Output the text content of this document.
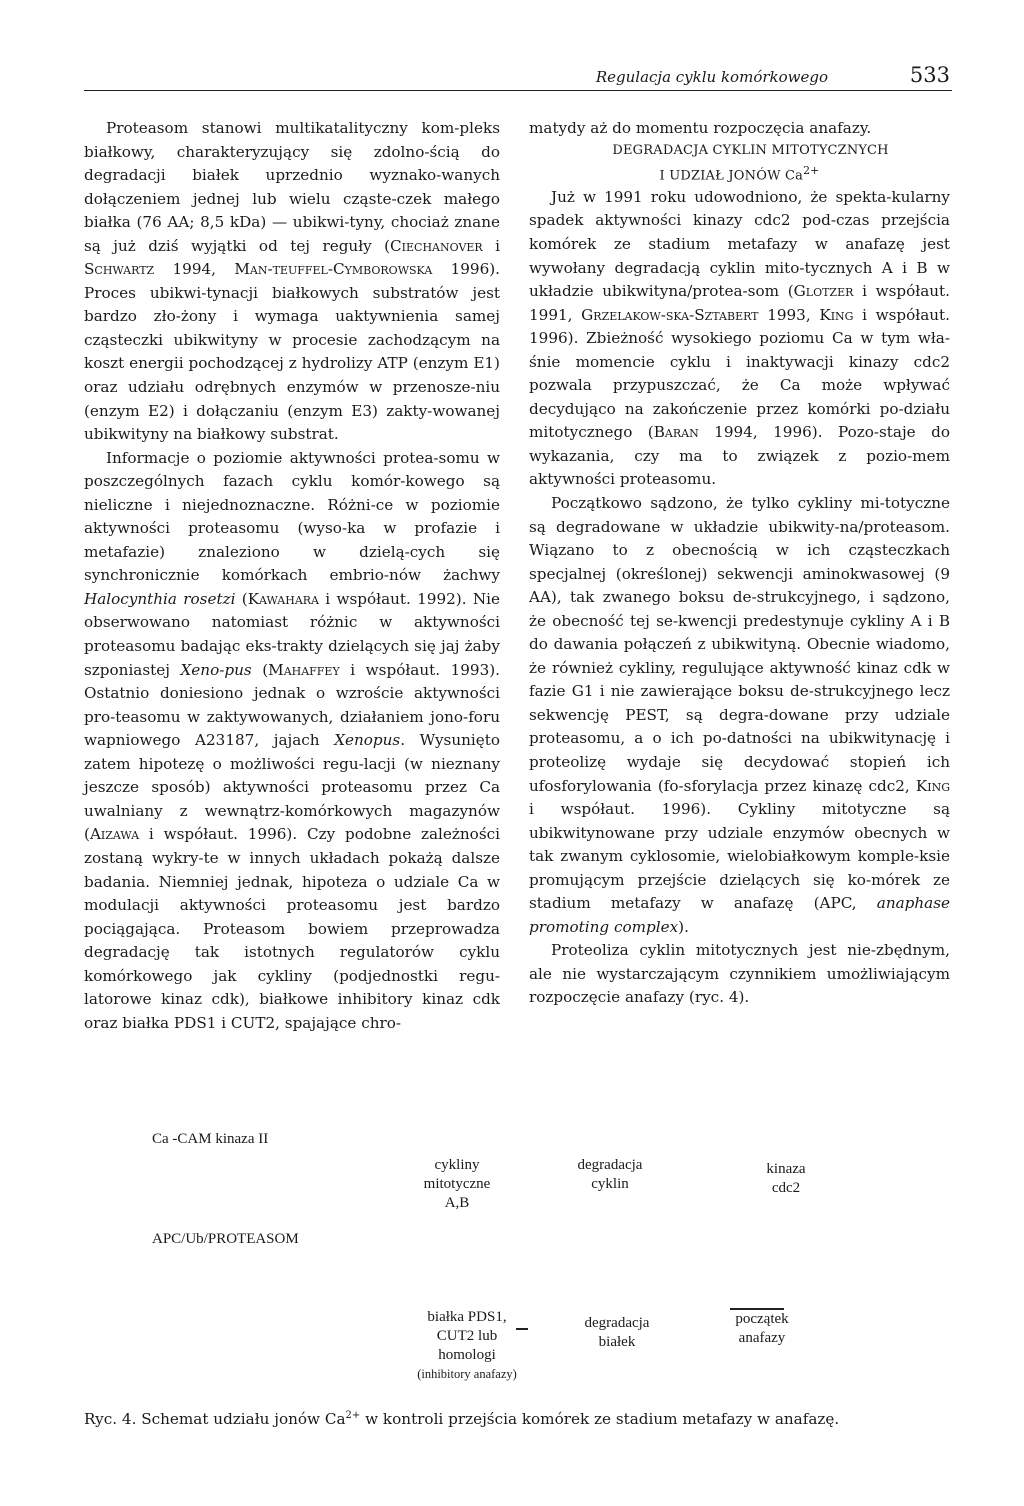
Regulacja cyklu komórkowego	533

Proteasom stanowi multikatalityczny kom-pleks białkowy, charakteryzujący się zdolno-ścią do degradacji białek uprzednio wyznako-wanych dołączeniem jednej lub wielu cząste-czek małego białka (76 AA; 8,5 kDa) — ubikwi-tyny, chociaż znane są już dziś wyjątki od tej reguły (Ciechanover i Schwartz 1994, Man-teuffel-Cymborowska 1996). Proces ubikwi-tynacji białkowych substratów jest bardzo zło-żony i wymaga uaktywnienia samej cząsteczki ubikwityny w procesie zachodzącym na koszt energii pochodzącej z hydrolizy ATP (enzym E1) oraz udziału odrębnych enzymów w przenosze-niu (enzym E2) i dołączaniu (enzym E3) zakty-wowanej ubikwityny na białkowy substrat.

Informacje o poziomie aktywności protea-somu w poszczególnych fazach cyklu komór-kowego są nieliczne i niejednoznaczne. Różni-ce w poziomie aktywności proteasomu (wyso-ka w profazie i metafazie) znaleziono w dzielą-cych się synchronicznie komórkach embrio-nów żachwy Halocynthia rosetzi (Kawahara i współaut. 1992). Nie obserwowano natomiast różnic w aktywności proteasomu badając eks-trakty dzielących się jaj żaby szponiastej Xeno-pus (Mahaffey i współaut. 1993). Ostatnio doniesiono jednak o wzroście aktywności pro-teasomu w zaktywowanych, działaniem jono-foru wapniowego A23187, jajach Xenopus. Wysunięto zatem hipotezę o możliwości regu-lacji (w nieznany jeszcze sposób) aktywności proteasomu przez Ca uwalniany z wewnątrz-komórkowych magazynów (Aizawa i współaut. 1996). Czy podobne zależności zostaną wykry-te w innych układach pokażą dalsze badania. Niemniej jednak, hipoteza o udziale Ca w modulacji aktywności proteasomu jest bardzo pociągająca. Proteasom bowiem przeprowadza degradację tak istotnych regulatorów cyklu komórkowego jak cykliny (podjednostki regu-latorowe kinaz cdk), białkowe inhibitory kinaz cdk oraz białka PDS1 i CUT2, spajające chro-

matydy aż do momentu rozpoczęcia anafazy.

DEGRADACJA CYKLIN MITOTYCZNYCH
I UDZIAŁ JONÓW $Ca^{2+}$

Już w 1991 roku udowodniono, że spekta-kularny spadek aktywności kinazy cdc2 pod-czas przejścia komórek ze stadium metafazy w anafazę jest wywołany degradacją cyklin mito-tycznych A i B w układzie ubikwityna/protea-som (Glotzer i współaut. 1991, Grzelakow-ska-Sztabert 1993, King i współaut. 1996). Zbieżność wysokiego poziomu Ca w tym wła-śnie momencie cyklu i inaktywacji kinazy cdc2 pozwala przypuszczać, że Ca może wpływać decydująco na zakończenie przez komórki po-działu mitotycznego (Baran 1994, 1996). Pozo-staje do wykazania, czy ma to związek z pozio-mem aktywności proteasomu.

Początkowo sądzono, że tylko cykliny mi-totyczne są degradowane w układzie ubikwity-na/proteasom. Wiązano to z obecnością w ich cząsteczkach specjalnej (określonej) sekwencji aminokwasowej (9 AA), tak zwanego boksu de-strukcyjnego, i sądzono, że obecność tej se-kwencji predestynuje cykliny A i B do dawania połączeń z ubikwityną. Obecnie wiadomo, że również cykliny, regulujące aktywność kinaz cdk w fazie G1 i nie zawierające boksu de-strukcyjnego lecz sekwencję PEST, są degra-dowane przy udziale proteasomu, a o ich po-datności na ubikwitynację i proteolizę wydaje się decydować stopień ich ufosforylowania (fo-sforylacja przez kinazę cdc2, King i współaut. 1996). Cykliny mitotyczne są ubikwitynowane przy udziale enzymów obecnych w tak zwanym cyklosomie, wielobiałkowym komple-ksie promującym przejście dzielących się ko-mórek ze stadium metafazy w anafazę (APC, anaphase promoting complex).

Proteoliza cyklin mitotycznych jest nie-zbędnym, ale nie wystarczającym czynnikiem umożliwiającym rozpoczęcie anafazy (ryc. 4).

Ca -CAM kinaza II
cykliny
mitotyczne
A,B
degradacja
cyklin
kinaza
cdc2
APC/Ub/PROTEASOM
białka PDS1,
CUT2 lub
homologi
(inhibitory anafazy)
degradacja
białek
początek
anafazy
Ryc. 4. Schemat udziału jonów $Ca^{2+}$ w kontroli przejścia komórek ze stadium metafazy w anafazę.
